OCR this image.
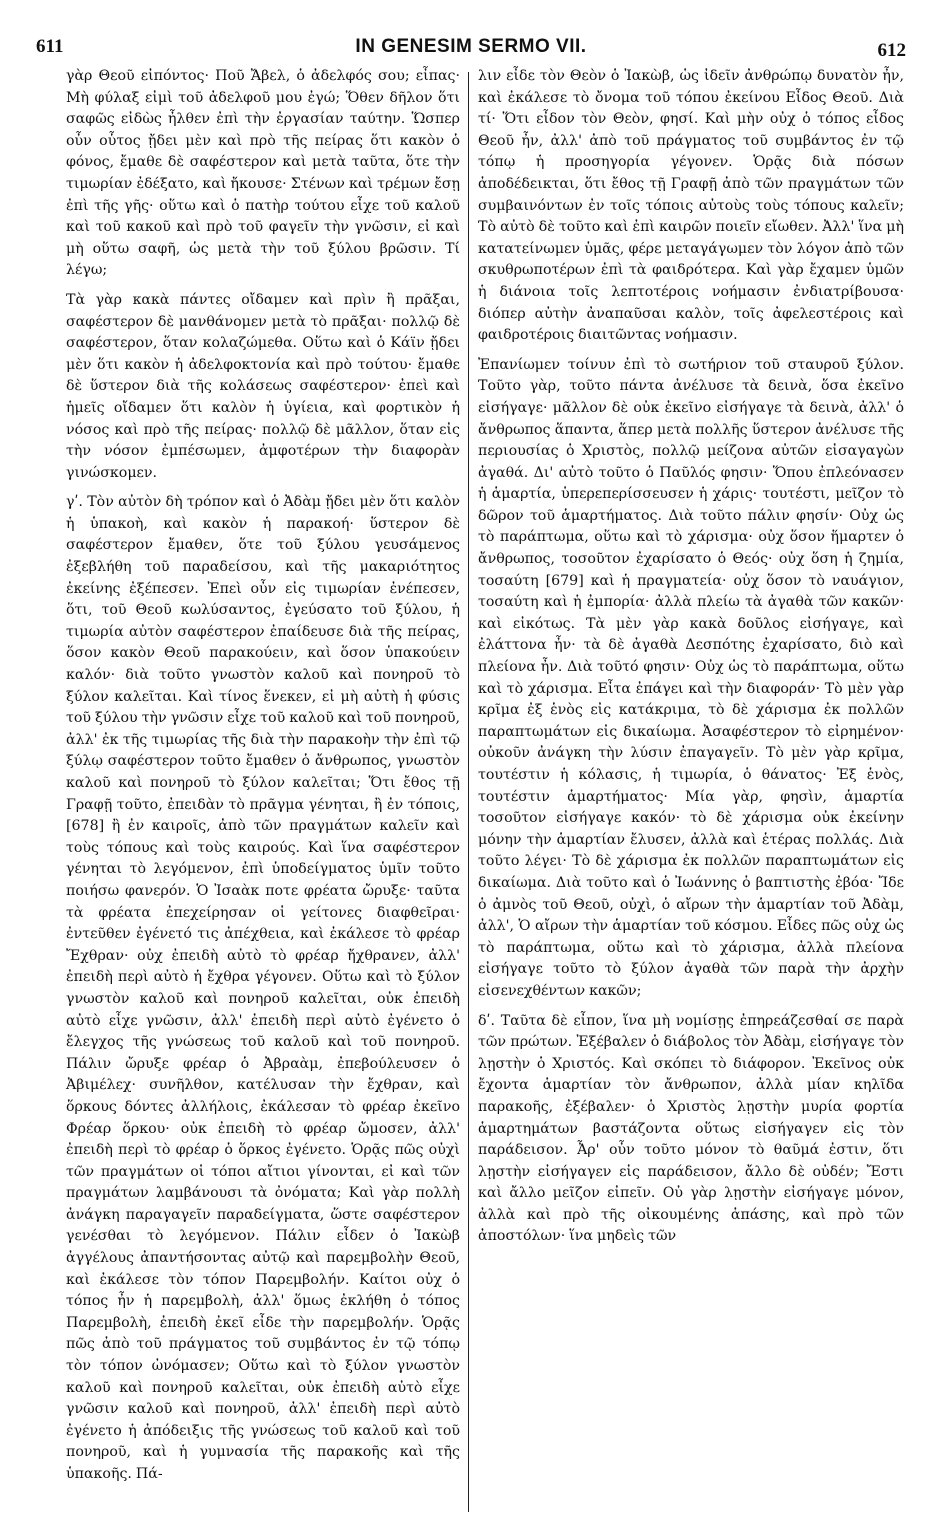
611	IN GENESIM SERMO VII.	612

γὰρ Θεοῦ εἰπόντος· Ποῦ Ἄβελ, ὁ ἀδελφός σου; εἶπας· Μὴ φύλαξ εἰμὶ τοῦ ἀδελφοῦ μου ἐγώ; Ὅθεν δῆλον ὅτι σαφῶς εἰδὼς ἦλθεν ἐπὶ τὴν ἐργασίαν ταύτην. Ὥσπερ οὖν οὗτος ᾔδει μὲν καὶ πρὸ τῆς πείρας ὅτι κακὸν ὁ φόνος, ἔμαθε δὲ σαφέστερον καὶ μετὰ ταῦτα, ὅτε τὴν τιμωρίαν ἐδέξατο, καὶ ἤκουσε· Στένων καὶ τρέμων ἔσῃ ἐπὶ τῆς γῆς· οὕτω καὶ ὁ πατὴρ τούτου εἶχε τοῦ καλοῦ καὶ τοῦ κακοῦ καὶ πρὸ τοῦ φαγεῖν τὴν γνῶσιν, εἰ καὶ μὴ οὕτω σαφῆ, ὡς μετὰ τὴν τοῦ ξύλου βρῶσιν. Τί λέγω;

Τὰ γὰρ κακὰ πάντες οἴδαμεν καὶ πρὶν ἢ πρᾶξαι, σαφέστερον δὲ μανθάνομεν μετὰ τὸ πρᾶξαι· πολλῷ δὲ σαφέστερον, ὅταν κολαζώμεθα. Οὕτω καὶ ὁ Κάϊν ᾔδει μὲν ὅτι κακὸν ἡ ἀδελφοκτονία καὶ πρὸ τούτου· ἔμαθε δὲ ὕστερον διὰ τῆς κολάσεως σαφέστερον· ἐπεὶ καὶ ἡμεῖς οἴδαμεν ὅτι καλὸν ἡ ὑγίεια, καὶ φορτικὸν ἡ νόσος καὶ πρὸ τῆς πείρας· πολλῷ δὲ μᾶλλον, ὅταν εἰς τὴν νόσον ἐμπέσωμεν, ἀμφοτέρων τὴν διαφορὰν γινώσκομεν.

γʹ. Τὸν αὐτὸν δὴ τρόπον καὶ ὁ Ἀδὰμ ᾔδει μὲν ὅτι καλὸν ἡ ὑπακοὴ, καὶ κακὸν ἡ παρακοή· ὕστερον δὲ σαφέστερον ἔμαθεν, ὅτε τοῦ ξύλου γευσάμενος ἐξεβλήθη τοῦ παραδείσου, καὶ τῆς μακαριότητος ἐκείνης ἐξέπεσεν. Ἐπεὶ οὖν εἰς τιμωρίαν ἐνέπεσεν, ὅτι, τοῦ Θεοῦ κωλύσαντος, ἐγεύσατο τοῦ ξύλου, ἡ τιμωρία αὐτὸν σαφέστερον ἐπαίδευσε διὰ τῆς πείρας, ὅσον κακὸν Θεοῦ παρακούειν, καὶ ὅσον ὑπακούειν καλόν· διὰ τοῦτο γνωστὸν καλοῦ καὶ πονηροῦ τὸ ξύλον καλεῖται. Καὶ τίνος ἕνεκεν, εἰ μὴ αὐτὴ ἡ φύσις τοῦ ξύλου τὴν γνῶσιν εἶχε τοῦ καλοῦ καὶ τοῦ πονηροῦ, ἀλλ' ἐκ τῆς τιμωρίας τῆς διὰ τὴν παρακοὴν τὴν ἐπὶ τῷ ξύλῳ σαφέστερον τοῦτο ἔμαθεν ὁ ἄνθρωπος, γνωστὸν καλοῦ καὶ πονηροῦ τὸ ξύλον καλεῖται; Ὅτι ἔθος τῇ Γραφῇ τοῦτο, ἐπειδὰν τὸ πρᾶγμα γένηται, ἢ ἐν τόποις, [678] ἢ ἐν καιροῖς, ἀπὸ τῶν πραγμάτων καλεῖν καὶ τοὺς τόπους καὶ τοὺς καιρούς. Καὶ ἵνα σαφέστερον γένηται τὸ λεγόμενον, ἐπὶ ὑποδείγματος ὑμῖν τοῦτο ποιήσω φανερόν. Ὁ Ἰσαὰκ ποτε φρέατα ὤρυξε· ταῦτα τὰ φρέατα ἐπεχείρησαν οἱ γείτονες διαφθεῖραι· ἐντεῦθεν ἐγένετό τις ἀπέχθεια, καὶ ἐκάλεσε τὸ φρέαρ Ἔχθραν· οὐχ ἐπειδὴ αὐτὸ τὸ φρέαρ ἤχθρανεν, ἀλλ' ἐπειδὴ περὶ αὐτὸ ἡ ἔχθρα γέγονεν. Οὕτω καὶ τὸ ξύλον γνωστὸν καλοῦ καὶ πονηροῦ καλεῖται, οὐκ ἐπειδὴ αὐτὸ εἶχε γνῶσιν, ἀλλ' ἐπειδὴ περὶ αὐτὸ ἐγένετο ὁ ἔλεγχος τῆς γνώσεως τοῦ καλοῦ καὶ τοῦ πονηροῦ. Πάλιν ὤρυξε φρέαρ ὁ Ἀβραὰμ, ἐπεβούλευσεν ὁ Ἀβιμέλεχ· συνῆλθον, κατέλυσαν τὴν ἔχθραν, καὶ ὅρκους δόντες ἀλλήλοις, ἐκάλεσαν τὸ φρέαρ ἐκεῖνο Φρέαρ ὅρκου· οὐκ ἐπειδὴ τὸ φρέαρ ὤμοσεν, ἀλλ' ἐπειδὴ περὶ τὸ φρέαρ ὁ ὅρκος ἐγένετο. Ὁρᾷς πῶς οὐχὶ τῶν πραγμάτων οἱ τόποι αἴτιοι γίνονται, εἰ καὶ τῶν πραγμάτων λαμβάνουσι τὰ ὀνόματα; Καὶ γὰρ πολλὴ ἀνάγκη παραγαγεῖν παραδείγματα, ὥστε σαφέστερον γενέσθαι τὸ λεγόμενον. Πάλιν εἶδεν ὁ Ἰακὼβ ἀγγέλους ἀπαντήσοντας αὐτῷ καὶ παρεμβολὴν Θεοῦ, καὶ ἐκάλεσε τὸν τόπον Παρεμβολήν. Καίτοι οὐχ ὁ τόπος ἦν ἡ παρεμβολὴ, ἀλλ' ὅμως ἐκλήθη ὁ τόπος Παρεμβολὴ, ἐπειδὴ ἐκεῖ εἶδε τὴν παρεμβολήν. Ὁρᾷς πῶς ἀπὸ τοῦ πράγματος τοῦ συμβάντος ἐν τῷ τόπῳ τὸν τόπον ὠνόμασεν; Οὕτω καὶ τὸ ξύλον γνωστὸν καλοῦ καὶ πονηροῦ καλεῖται, οὐκ ἐπειδὴ αὐτὸ εἶχε γνῶσιν καλοῦ καὶ πονηροῦ, ἀλλ' ἐπειδὴ περὶ αὐτὸ ἐγένετο ἡ ἀπόδειξις τῆς γνώσεως τοῦ καλοῦ καὶ τοῦ πονηροῦ, καὶ ἡ γυμνασία τῆς παρακοῆς καὶ τῆς ὑπακοῆς. Πά-

λιν εἶδε τὸν Θεὸν ὁ Ἰακὼβ, ὡς ἰδεῖν ἀνθρώπῳ δυνατὸν ἦν, καὶ ἐκάλεσε τὸ ὄνομα τοῦ τόπου ἐκείνου Εἶδος Θεοῦ. Διὰ τί· Ὅτι εἶδον τὸν Θεὸν, φησί. Καὶ μὴν οὐχ ὁ τόπος εἶδος Θεοῦ ἦν, ἀλλ' ἀπὸ τοῦ πράγματος τοῦ συμβάντος ἐν τῷ τόπῳ ἡ προσηγορία γέγονεν. Ὁρᾷς διὰ πόσων ἀποδέδεικται, ὅτι ἔθος τῇ Γραφῇ ἀπὸ τῶν πραγμάτων τῶν συμβαινόντων ἐν τοῖς τόποις αὐτοὺς τοὺς τόπους καλεῖν; Τὸ αὐτὸ δὲ τοῦτο καὶ ἐπὶ καιρῶν ποιεῖν εἴωθεν. Ἀλλ' ἵνα μὴ κατατείνωμεν ὑμᾶς, φέρε μεταγάγωμεν τὸν λόγον ἀπὸ τῶν σκυθρωποτέρων ἐπὶ τὰ φαιδρότερα. Καὶ γὰρ ἔχαμεν ὑμῶν ἡ διάνοια τοῖς λεπτοτέροις νοήμασιν ἐνδιατρίβουσα· διόπερ αὐτὴν ἀναπαῦσαι καλὸν, τοῖς ἀφελεστέροις καὶ φαιδροτέροις διαιτῶντας νοήμασιν.

Ἐπανίωμεν τοίνυν ἐπὶ τὸ σωτήριον τοῦ σταυροῦ ξύλον. Τοῦτο γὰρ, τοῦτο πάντα ἀνέλυσε τὰ δεινὰ, ὅσα ἐκεῖνο εἰσήγαγε· μᾶλλον δὲ οὐκ ἐκεῖνο εἰσήγαγε τὰ δεινὰ, ἀλλ' ὁ ἄνθρωπος ἅπαντα, ἅπερ μετὰ πολλῆς ὕστερον ἀνέλυσε τῆς περιουσίας ὁ Χριστὸς, πολλῷ μείζονα αὐτῶν εἰσαγαγὼν ἀγαθά. Δι' αὐτὸ τοῦτο ὁ Παῦλός φησιν· Ὅπου ἐπλεόνασεν ἡ ἁμαρτία, ὑπερεπερίσσευσεν ἡ χάρις· τουτέστι, μεῖζον τὸ δῶρον τοῦ ἁμαρτήματος. Διὰ τοῦτο πάλιν φησίν· Οὐχ ὡς τὸ παράπτωμα, οὕτω καὶ τὸ χάρισμα· οὐχ ὅσον ἥμαρτεν ὁ ἄνθρωπος, τοσοῦτον ἐχαρίσατο ὁ Θεός· οὐχ ὅση ἡ ζημία, τοσαύτη [679] καὶ ἡ πραγματεία· οὐχ ὅσον τὸ ναυάγιον, τοσαύτη καὶ ἡ ἐμπορία· ἀλλὰ πλείω τὰ ἀγαθὰ τῶν κακῶν· καὶ εἰκότως. Τὰ μὲν γὰρ κακὰ δοῦλος εἰσήγαγε, καὶ ἐλάττονα ἦν· τὰ δὲ ἀγαθὰ Δεσπότης ἐχαρίσατο, διὸ καὶ πλείονα ἦν. Διὰ τοῦτό φησιν· Οὐχ ὡς τὸ παράπτωμα, οὕτω καὶ τὸ χάρισμα. Εἶτα ἐπάγει καὶ τὴν διαφοράν· Τὸ μὲν γὰρ κρῖμα ἐξ ἑνὸς εἰς κατάκριμα, τὸ δὲ χάρισμα ἐκ πολλῶν παραπτωμάτων εἰς δικαίωμα. Ἀσαφέστερον τὸ εἰρημένον· οὐκοῦν ἀνάγκη τὴν λύσιν ἐπαγαγεῖν. Τὸ μὲν γὰρ κρῖμα, τουτέστιν ἡ κόλασις, ἡ τιμωρία, ὁ θάνατος· Ἐξ ἑνὸς, τουτέστιν ἁμαρτήματος· Μία γὰρ, φησὶν, ἁμαρτία τοσοῦτον εἰσήγαγε κακόν· τὸ δὲ χάρισμα οὐκ ἐκείνην μόνην τὴν ἁμαρτίαν ἔλυσεν, ἀλλὰ καὶ ἑτέρας πολλάς. Διὰ τοῦτο λέγει· Τὸ δὲ χάρισμα ἐκ πολλῶν παραπτωμάτων εἰς δικαίωμα. Διὰ τοῦτο καὶ ὁ Ἰωάννης ὁ βαπτιστὴς ἐβόα· Ἴδε ὁ ἀμνὸς τοῦ Θεοῦ, οὐχὶ, ὁ αἴρων τὴν ἁμαρτίαν τοῦ Ἀδὰμ, ἀλλ', Ὁ αἴρων τὴν ἁμαρτίαν τοῦ κόσμου. Εἶδες πῶς οὐχ ὡς τὸ παράπτωμα, οὕτω καὶ τὸ χάρισμα, ἀλλὰ πλείονα εἰσήγαγε τοῦτο τὸ ξύλον ἀγαθὰ τῶν παρὰ τὴν ἀρχὴν εἰσενεχθέντων κακῶν;

δʹ. Ταῦτα δὲ εἶπον, ἵνα μὴ νομίσῃς ἐπηρεάζεσθαί σε παρὰ τῶν πρώτων. Ἐξέβαλεν ὁ διάβολος τὸν Ἀδὰμ, εἰσήγαγε τὸν λῃστὴν ὁ Χριστός. Καὶ σκόπει τὸ διάφορον. Ἐκεῖνος οὐκ ἔχοντα ἁμαρτίαν τὸν ἄνθρωπον, ἀλλὰ μίαν κηλῖδα παρακοῆς, ἐξέβαλεν· ὁ Χριστὸς λῃστὴν μυρία φορτία ἁμαρτημάτων βαστάζοντα οὕτως εἰσήγαγεν εἰς τὸν παράδεισον. Ἆρ' οὖν τοῦτο μόνον τὸ θαῦμά ἐστιν, ὅτι λῃστὴν εἰσήγαγεν εἰς παράδεισον, ἄλλο δὲ οὐδέν; Ἔστι καὶ ἄλλο μεῖζον εἰπεῖν. Οὐ γὰρ λῃστὴν εἰσήγαγε μόνον, ἀλλὰ καὶ πρὸ τῆς οἰκουμένης ἁπάσης, καὶ πρὸ τῶν ἀποστόλων· ἵνα μηδεὶς τῶν
